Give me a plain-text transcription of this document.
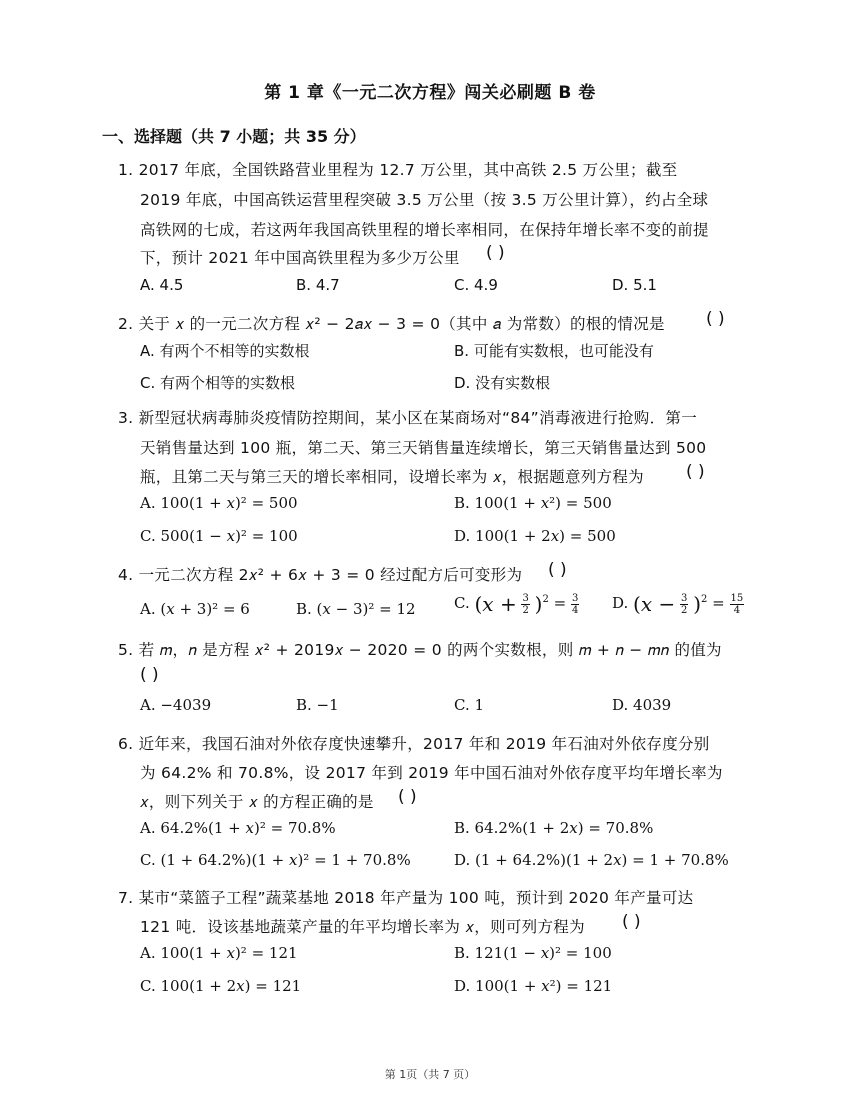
第 1 章《一元二次方程》闯关必刷题 B 卷
一、选择题（共 7 小题；共 35 分）
1. 2017 年底，全国铁路营业里程为 12.7 万公里，其中高铁 2.5 万公里；截至
2019 年底，中国高铁运营里程突破 3.5 万公里（按 3.5 万公里计算），约占全球
高铁网的七成，若这两年我国高铁里程的增长率相同，在保持年增长率不变的前提
下，预计 2021 年中国高铁里程为多少万公里 ( )
A. 4.5	B. 4.7	C. 4.9	D. 5.1
2. 关于 𝑥 的一元二次方程 𝑥² − 2𝑎𝑥 − 3 = 0（其中 𝑎 为常数）的根的情况是 ( )
A. 有两个不相等的实数根	B. 可能有实数根，也可能没有
C. 有两个相等的实数根	D. 没有实数根
3. 新型冠状病毒肺炎疫情防控期间，某小区在某商场对“84”消毒液进行抢购．第一
天销售量达到 100 瓶，第二天、第三天销售量连续增长，第三天销售量达到 500
瓶，且第二天与第三天的增长率相同，设增长率为 𝑥，根据题意列方程为 ( )
A. 100(1 + 𝑥)² = 500	B. 100(1 + 𝑥²) = 500
C. 500(1 − 𝑥)² = 100	D. 100(1 + 2𝑥) = 500
4. 一元二次方程 2𝑥² + 6𝑥 + 3 = 0 经过配方后可变形为 ( )
A. (𝑥 + 3)² = 6	B. (𝑥 − 3)² = 12	C. (𝑥 + $\frac{3}{2} )^2 = \frac{3}{4} D$. (𝑥 − $\frac{3}{2} )^2 = \frac{15}{4}$
5. 若 𝑚，𝑛 是方程 𝑥² + 2019𝑥 − 2020 = 0 的两个实数根，则 𝑚 + 𝑛 − 𝑚𝑛 的值为
( )
A. −4039	B. −1	C. 1	D. 4039
6. 近年来，我国石油对外依存度快速攀升，2017 年和 2019 年石油对外依存度分别
为 64.2% 和 70.8%，设 2017 年到 2019 年中国石油对外依存度平均年增长率为
𝑥，则下列关于 𝑥 的方程正确的是 ( )
A. 64.2%(1 + 𝑥)² = 70.8%	B. 64.2%(1 + 2𝑥) = 70.8%
C. (1 + 64.2%)(1 + 𝑥)² = 1 + 70.8%	D. (1 + 64.2%)(1 + 2𝑥) = 1 + 70.8%
7. 某市“菜篮子工程”蔬菜基地 2018 年产量为 100 吨，预计到 2020 年产量可达
121 吨．设该基地蔬菜产量的年平均增长率为 𝑥，则可列方程为 ( )
A. 100(1 + 𝑥)² = 121	B. 121(1 − 𝑥)² = 100
C. 100(1 + 2𝑥) = 121	D. 100(1 + 𝑥²) = 121
第 1页（共 7 页）
